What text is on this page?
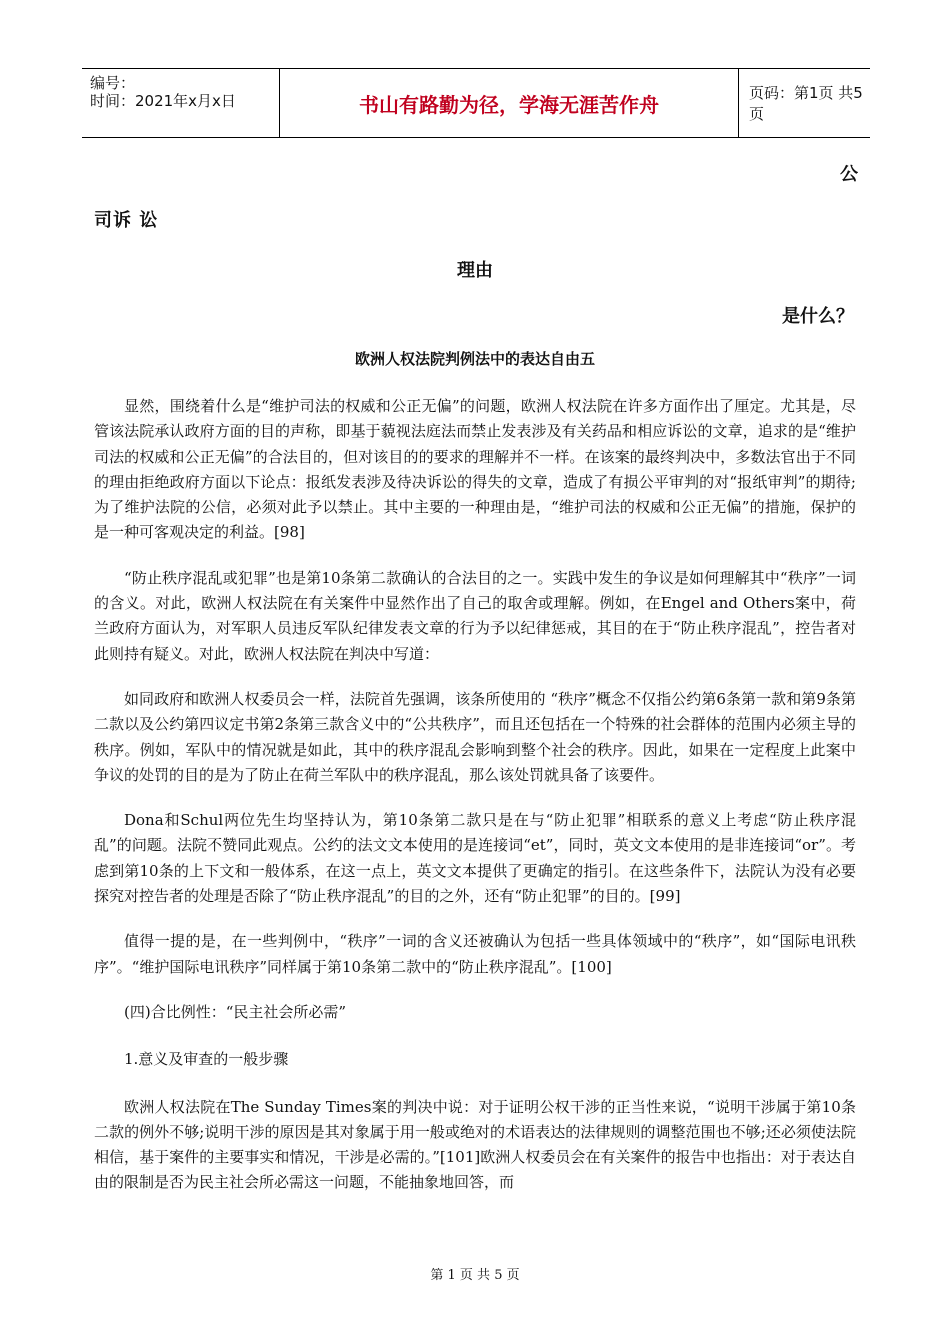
编号：
时间：2021年x月x日	书山有路勤为径，学海无涯苦作舟	页码：第1页 共5页
公
司诉 讼
理由
是什么？
欧洲人权法院判例法中的表达自由五

显然，围绕着什么是“维护司法的权威和公正无偏”的问题，欧洲人权法院在许多方面作出了厘定。尤其是，尽管该法院承认政府方面的目的声称，即基于藐视法庭法而禁止发表涉及有关药品和相应诉讼的文章，追求的是“维护司法的权威和公正无偏”的合法目的，但对该目的的要求的理解并不一样。在该案的最终判决中，多数法官出于不同的理由拒绝政府方面以下论点：报纸发表涉及待决诉讼的得失的文章，造成了有损公平审判的对“报纸审判”的期待;为了维护法院的公信，必须对此予以禁止。其中主要的一种理由是，“维护司法的权威和公正无偏”的措施，保护的是一种可客观决定的利益。[98]

“防止秩序混乱或犯罪”也是第10条第二款确认的合法目的之一。实践中发生的争议是如何理解其中“秩序”一词的含义。对此，欧洲人权法院在有关案件中显然作出了自己的取舍或理解。例如，在Engel and Others案中，荷兰政府方面认为，对军职人员违反军队纪律发表文章的行为予以纪律惩戒，其目的在于“防止秩序混乱”，控告者对此则持有疑义。对此，欧洲人权法院在判决中写道：

如同政府和欧洲人权委员会一样，法院首先强调，该条所使用的 “秩序”概念不仅指公约第6条第一款和第9条第二款以及公约第四议定书第2条第三款含义中的“公共秩序”，而且还包括在一个特殊的社会群体的范围内必须主导的秩序。例如，军队中的情况就是如此，其中的秩序混乱会影响到整个社会的秩序。因此，如果在一定程度上此案中争议的处罚的目的是为了防止在荷兰军队中的秩序混乱，那么该处罚就具备了该要件。

Dona和Schul两位先生均坚持认为，第10条第二款只是在与“防止犯罪”相联系的意义上考虑“防止秩序混乱”的问题。法院不赞同此观点。公约的法文文本使用的是连接词“et”，同时，英文文本使用的是非连接词“or”。考虑到第10条的上下文和一般体系，在这一点上，英文文本提供了更确定的指引。在这些条件下，法院认为没有必要探究对控告者的处理是否除了“防止秩序混乱”的目的之外，还有“防止犯罪”的目的。[99]

值得一提的是，在一些判例中，“秩序”一词的含义还被确认为包括一些具体领域中的“秩序”，如“国际电讯秩序”。“维护国际电讯秩序”同样属于第10条第二款中的“防止秩序混乱”。[100]

(四)合比例性：“民主社会所必需”

1.意义及审查的一般步骤

欧洲人权法院在The Sunday Times案的判决中说：对于证明公权干涉的正当性来说，“说明干涉属于第10条二款的例外不够;说明干涉的原因是其对象属于用一般或绝对的术语表达的法律规则的调整范围也不够;还必须使法院相信，基于案件的主要事实和情况，干涉是必需的。”[101]欧洲人权委员会在有关案件的报告中也指出：对于表达自由的限制是否为民主社会所必需这一问题，不能抽象地回答，而

第 1 页 共 5 页
